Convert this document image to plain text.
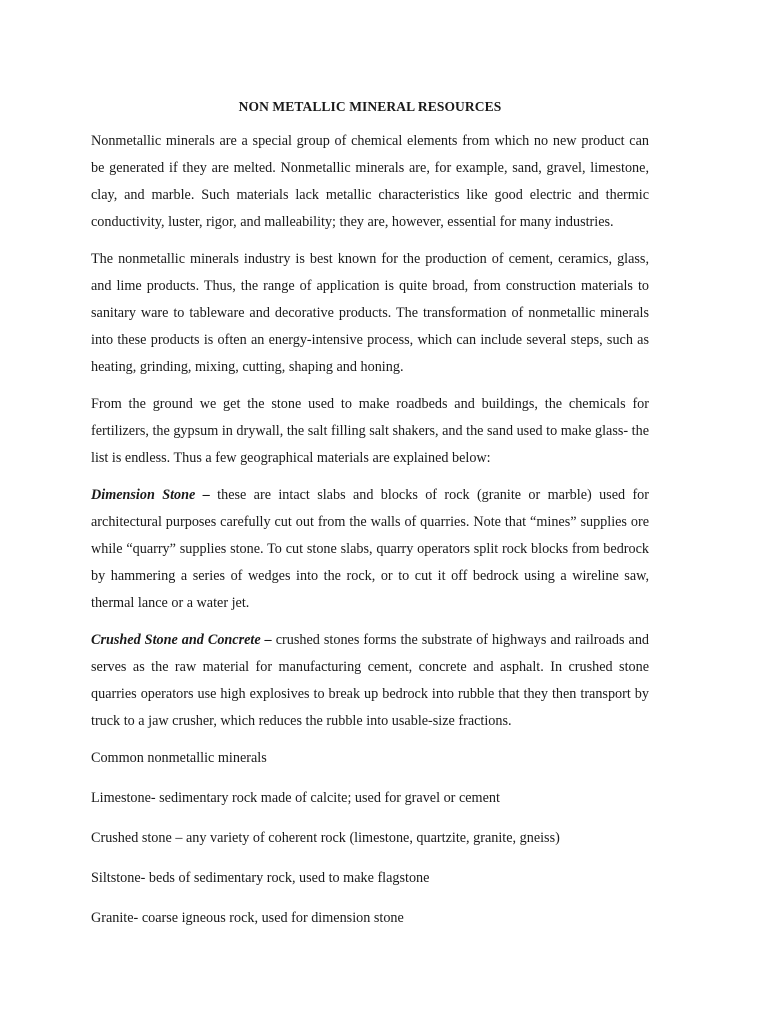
NON METALLIC MINERAL RESOURCES

Nonmetallic minerals are a special group of chemical elements from which no new product can be generated if they are melted. Nonmetallic minerals are, for example, sand, gravel, limestone, clay, and marble. Such materials lack metallic characteristics like good electric and thermic conductivity, luster, rigor, and malleability; they are, however, essential for many industries.

The nonmetallic minerals industry is best known for the production of cement, ceramics, glass, and lime products. Thus, the range of application is quite broad, from construction materials to sanitary ware to tableware and decorative products. The transformation of nonmetallic minerals into these products is often an energy-intensive process, which can include several steps, such as heating, grinding, mixing, cutting, shaping and honing.

From the ground we get the stone used to make roadbeds and buildings, the chemicals for fertilizers, the gypsum in drywall, the salt filling salt shakers, and the sand used to make glass- the list is endless. Thus a few geographical materials are explained below:

Dimension Stone – these are intact slabs and blocks of rock (granite or marble) used for architectural purposes carefully cut out from the walls of quarries. Note that “mines” supplies ore while “quarry” supplies stone. To cut stone slabs, quarry operators split rock blocks from bedrock by hammering a series of wedges into the rock, or to cut it off bedrock using a wireline saw, thermal lance or a water jet.

Crushed Stone and Concrete – crushed stones forms the substrate of highways and railroads and serves as the raw material for manufacturing cement, concrete and asphalt. In crushed stone quarries operators use high explosives to break up bedrock into rubble that they then transport by truck to a jaw crusher, which reduces the rubble into usable-size fractions.

Common nonmetallic minerals

Limestone- sedimentary rock made of calcite; used for gravel or cement

Crushed stone – any variety of coherent rock (limestone, quartzite, granite, gneiss)

Siltstone- beds of sedimentary rock, used to make flagstone

Granite- coarse igneous rock, used for dimension stone
